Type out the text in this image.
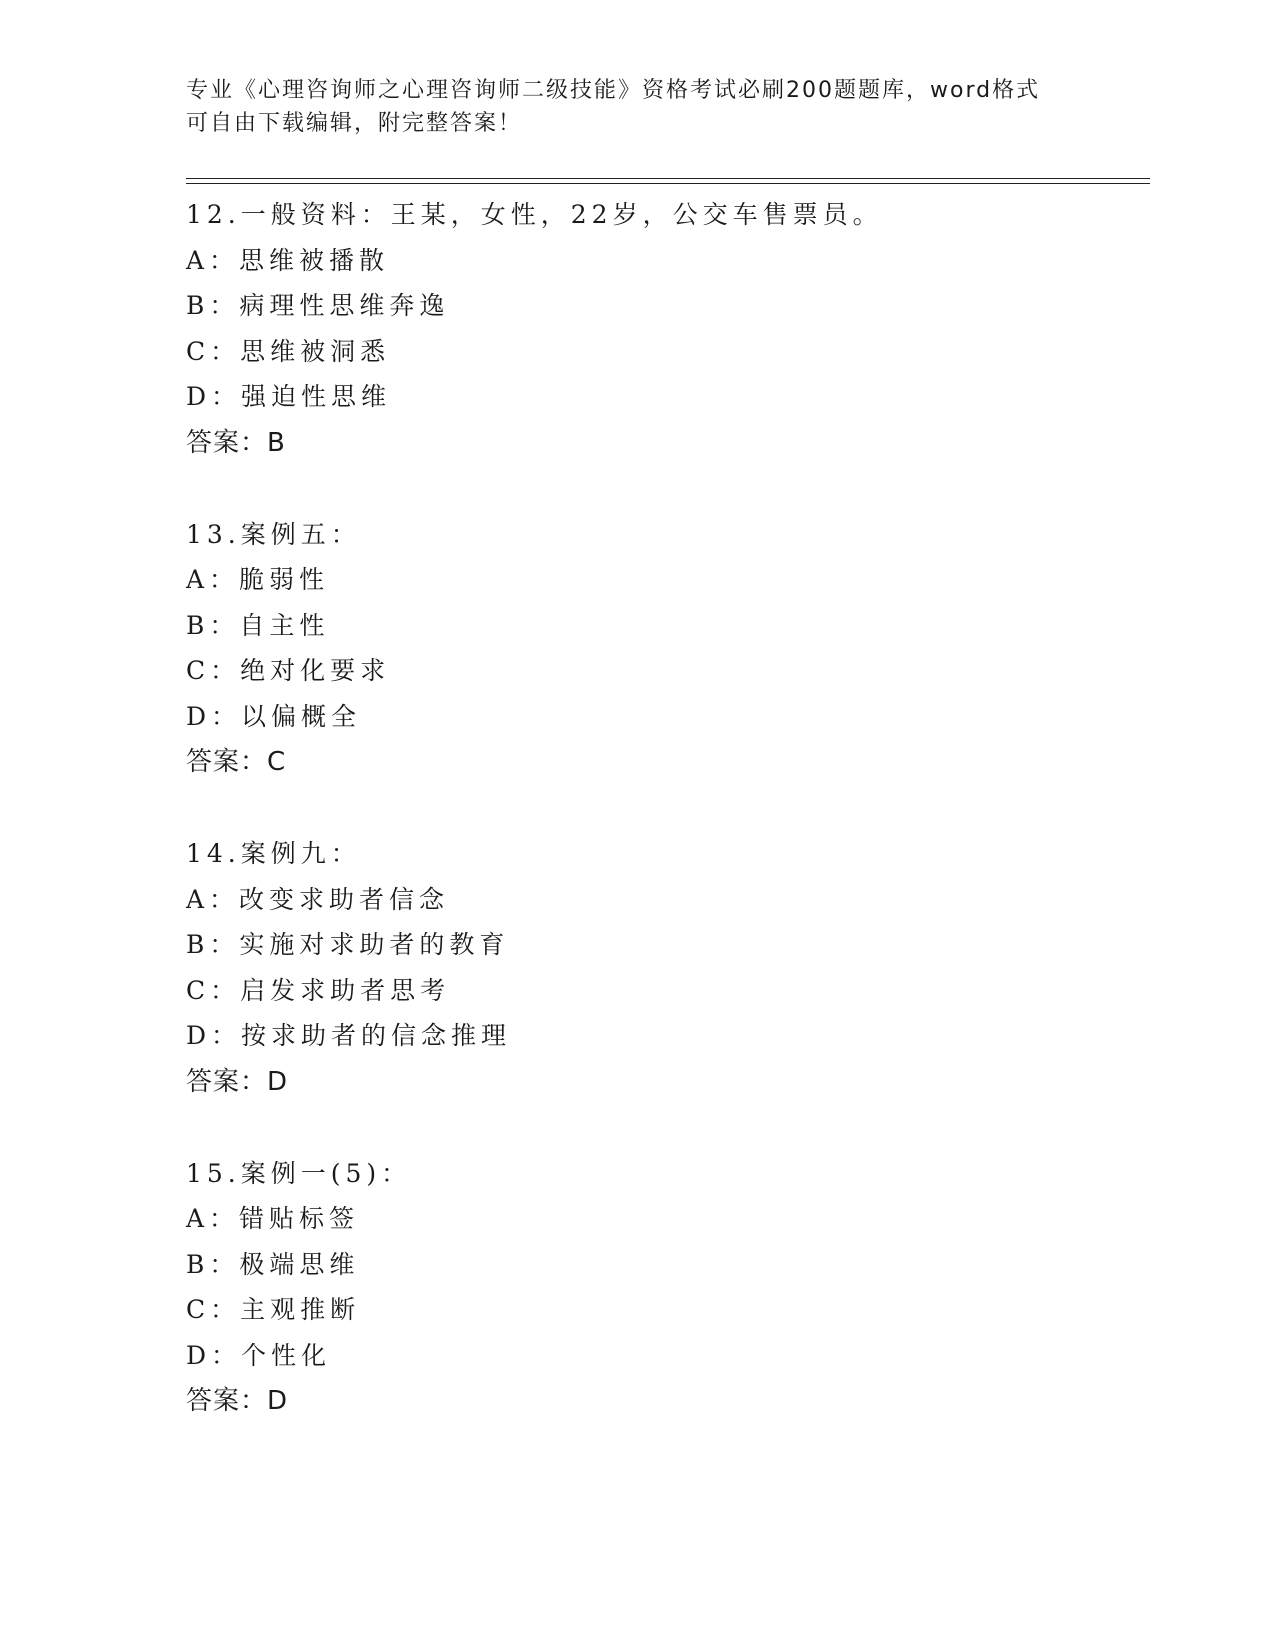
专业《心理咨询师之心理咨询师二级技能》资格考试必刷200题题库，word格式
可自由下载编辑，附完整答案！
12.一般资料：王某，女性，22岁，公交车售票员。
A：思维被播散
B：病理性思维奔逸
C：思维被洞悉
D：强迫性思维
答案：B
13.案例五：
A：脆弱性
B：自主性
C：绝对化要求
D：以偏概全
答案：C
14.案例九：
A：改变求助者信念
B：实施对求助者的教育
C：启发求助者思考
D：按求助者的信念推理
答案：D
15.案例一(5)：
A：错贴标签
B：极端思维
C：主观推断
D：个性化
答案：D
